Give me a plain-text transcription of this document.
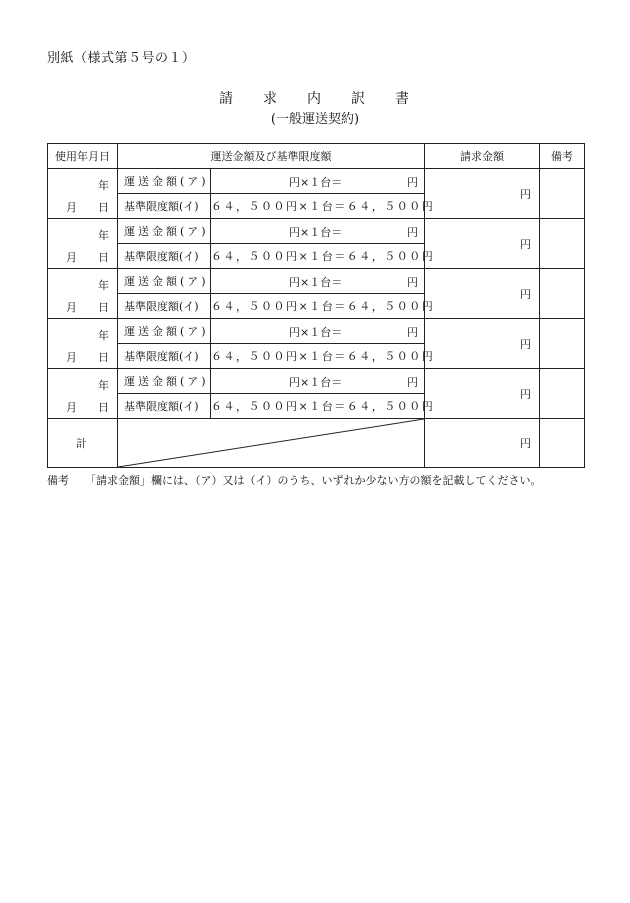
別紙（様式第５号の１）
請求内訳書
(一般運送契約)
使用年月日	運送金額及び基準限度額		請求金額	備考

年
月 日	運送金額(ア)	円×１台＝ 円	円	
	基準限度額(イ)	６４，５００円×１台＝６４，５００円		

年
月 日	運送金額(ア)	円×１台＝ 円	円	
	基準限度額(イ)	６４，５００円×１台＝６４，５００円		

年
月 日	運送金額(ア)	円×１台＝ 円	円	
	基準限度額(イ)	６４，５００円×１台＝６４，５００円		

年
月 日	運送金額(ア)	円×１台＝ 円	円	
	基準限度額(イ)	６４，５００円×１台＝６４，５００円		

年
月 日	運送金額(ア)	円×１台＝ 円	円	
	基準限度額(イ)	６４，５００円×１台＝６４，５００円		
計			円	
備考 「請求金額」欄には、（ア）又は（イ）のうち、いずれか少ない方の額を記載してください。
